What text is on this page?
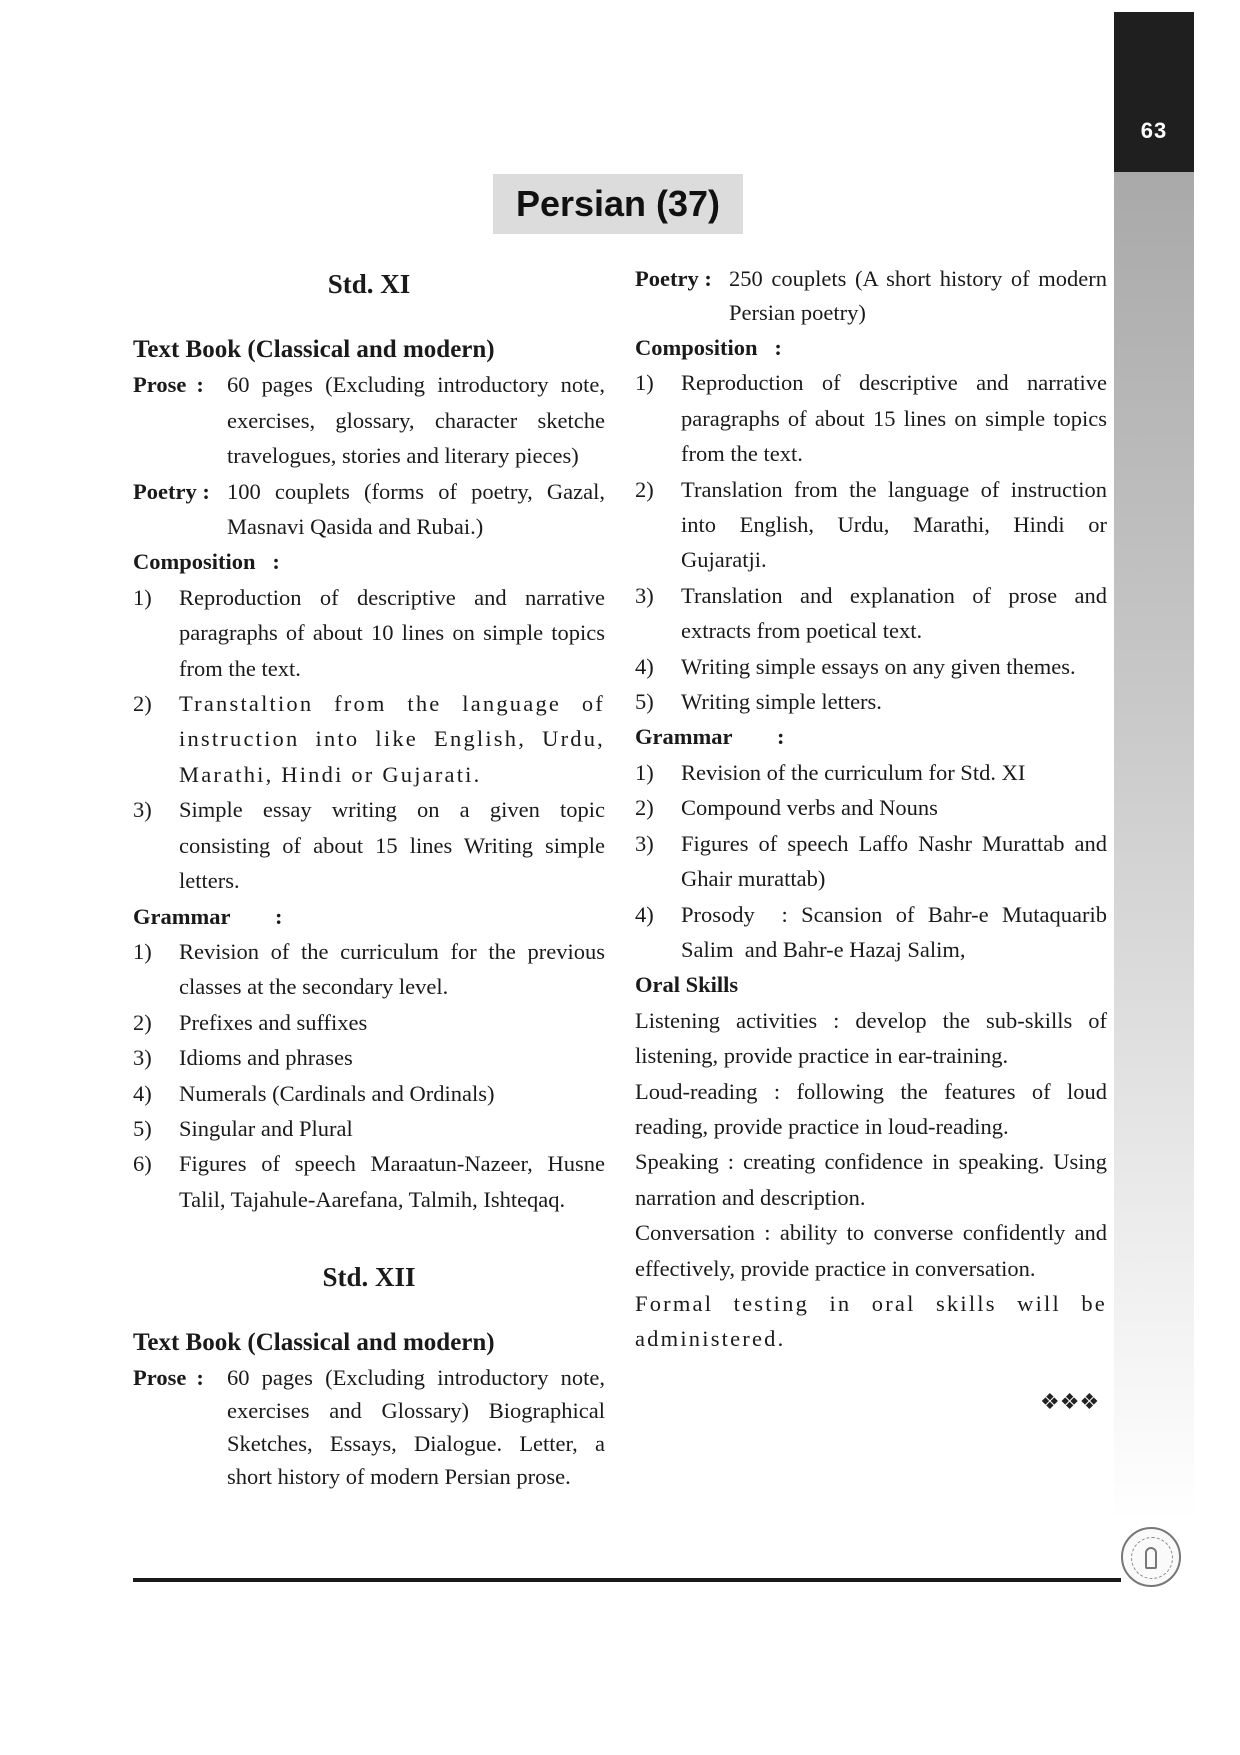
63
Persian (37)

Std. XI

Text Book (Classical and modern)

Prose :	60 pages (Excluding introductory note, exercises, glossary, character sketche travelogues, stories and literary pieces)
Poetry : 100 couplets (forms of poetry, Gazal, Masnavi Qasida and Rubai.)

Composition   :

1)	Reproduction of descriptive and narrative paragraphs of about 10 lines on simple topics from the text.
2)	Transtaltion from the language of instruction into like English, Urdu, Marathi, Hindi or Gujarati.
3)	Simple essay writing on a given topic consisting of about 15 lines Writing simple letters.

Grammar        :

1)	Revision of the curriculum for the previous classes at the secondary level.
2)	Prefixes and suffixes
3)	Idioms and phrases
4)	Numerals (Cardinals and Ordinals)
5)	Singular and Plural
6)	Figures of speech Maraatun-Nazeer, Husne Talil, Tajahule-Aarefana, Talmih, Ishteqaq.

Std. XII

Text Book (Classical and modern)

Prose :	60 pages (Excluding introductory note, exercises and Glossary) Biographical Sketches, Essays, Dialogue. Letter, a short history of modern Persian prose.
Poetry : 250 couplets (A short history of modern Persian poetry)

Composition   :

1)	Reproduction of descriptive and narrative paragraphs of about 15 lines on simple topics from the text.
2)	Translation from the language of instruction into English, Urdu, Marathi, Hindi or Gujaratji.
3)	Translation and explanation of prose and extracts from poetical text.
4)	Writing simple essays on any given themes.
5)	Writing simple letters.

Grammar        :

1)	Revision of the curriculum for Std. XI
2)	Compound verbs and Nouns
3)	Figures of speech Laffo Nashr Murattab and Ghair murattab)
4)	Prosody  : Scansion of Bahr-e Mutaquarib Salim  and Bahr-e Hazaj Salim,

Oral Skills

Listening activities : develop the sub-skills of listening, provide practice in ear-training.

Loud-reading : following the features of loud reading, provide practice in loud-reading.

Speaking : creating confidence in speaking. Using narration and description.

Conversation : ability to converse confidently and effectively, provide practice in conversation.

Formal testing in oral skills will be administered.

❖❖❖
